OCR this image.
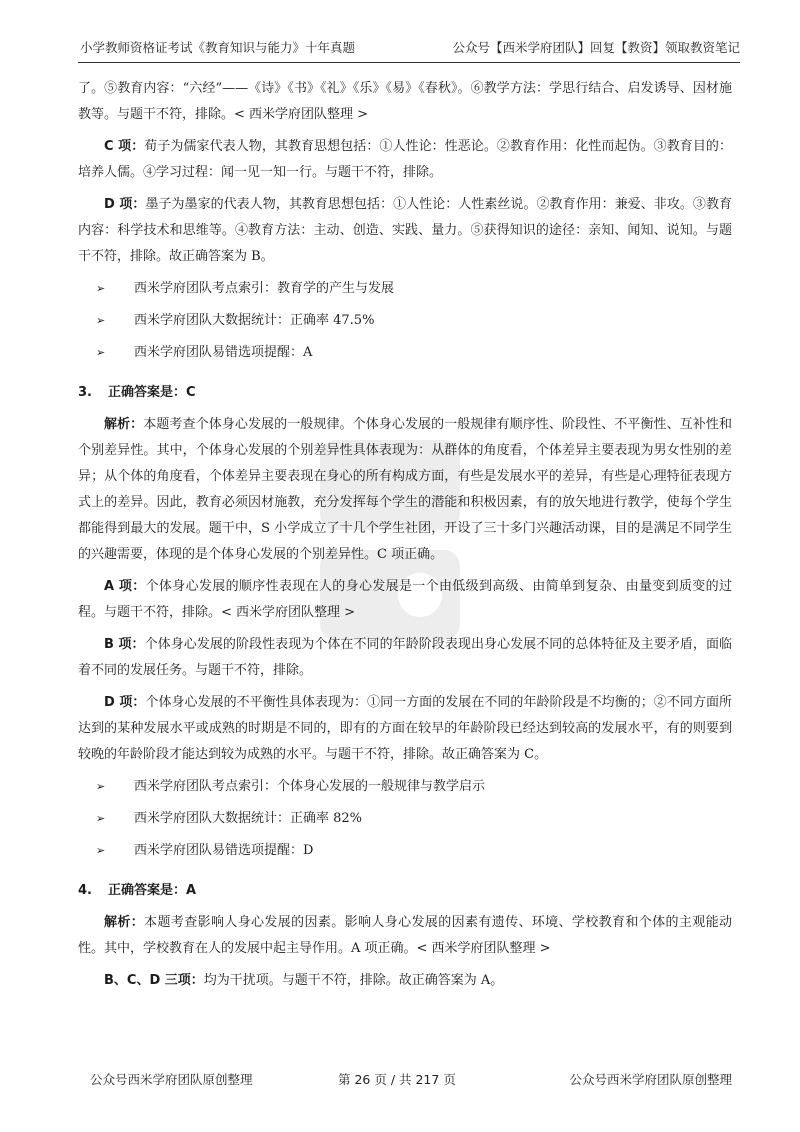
小学教师资格证考试《教育知识与能力》十年真题	公众号【西米学府团队】回复【教资】领取教资笔记

了。⑤教育内容：“六经”——《诗》《书》《礼》《乐》《易》《春秋》。⑥教学方法：学思行结合、启发诱导、因材施教等。与题干不符，排除。< 西米学府团队整理 >

C 项：荀子为儒家代表人物，其教育思想包括：①人性论：性恶论。②教育作用：化性而起伪。③教育目的：培养人儒。④学习过程：闻一见一知一行。与题干不符，排除。

D 项：墨子为墨家的代表人物，其教育思想包括：①人性论：人性素丝说。②教育作用：兼爱、非攻。③教育内容：科学技术和思维等。④教育方法：主动、创造、实践、量力。⑤获得知识的途径：亲知、闻知、说知。与题干不符，排除。故正确答案为 B。

➢ 西米学府团队考点索引：教育学的产生与发展
➢ 西米学府团队大数据统计：正确率 47.5%
➢ 西米学府团队易错选项提醒：A
3. 正确答案是：C

解析：本题考查个体身心发展的一般规律。个体身心发展的一般规律有顺序性、阶段性、不平衡性、互补性和个别差异性。其中，个体身心发展的个别差异性具体表现为：从群体的角度看，个体差异主要表现为男女性别的差异；从个体的角度看，个体差异主要表现在身心的所有构成方面，有些是发展水平的差异，有些是心理特征表现方式上的差异。因此，教育必须因材施教，充分发挥每个学生的潜能和积极因素，有的放矢地进行教学，使每个学生都能得到最大的发展。题干中，S 小学成立了十几个学生社团，开设了三十多门兴趣活动课，目的是满足不同学生的兴趣需要，体现的是个体身心发展的个别差异性。C 项正确。

A 项：个体身心发展的顺序性表现在人的身心发展是一个由低级到高级、由简单到复杂、由量变到质变的过程。与题干不符，排除。< 西米学府团队整理 >

B 项：个体身心发展的阶段性表现为个体在不同的年龄阶段表现出身心发展不同的总体特征及主要矛盾，面临着不同的发展任务。与题干不符，排除。

D 项：个体身心发展的不平衡性具体表现为：①同一方面的发展在不同的年龄阶段是不均衡的；②不同方面所达到的某种发展水平或成熟的时期是不同的，即有的方面在较早的年龄阶段已经达到较高的发展水平，有的则要到较晚的年龄阶段才能达到较为成熟的水平。与题干不符，排除。故正确答案为 C。

➢ 西米学府团队考点索引：个体身心发展的一般规律与教学启示
➢ 西米学府团队大数据统计：正确率 82%
➢ 西米学府团队易错选项提醒：D
4. 正确答案是：A

解析：本题考查影响人身心发展的因素。影响人身心发展的因素有遗传、环境、学校教育和个体的主观能动性。其中，学校教育在人的发展中起主导作用。A 项正确。< 西米学府团队整理 >

B、C、D 三项：均为干扰项。与题干不符，排除。故正确答案为 A。

公众号西米学府团队原创整理	第 26 页 / 共 217 页	公众号西米学府团队原创整理
